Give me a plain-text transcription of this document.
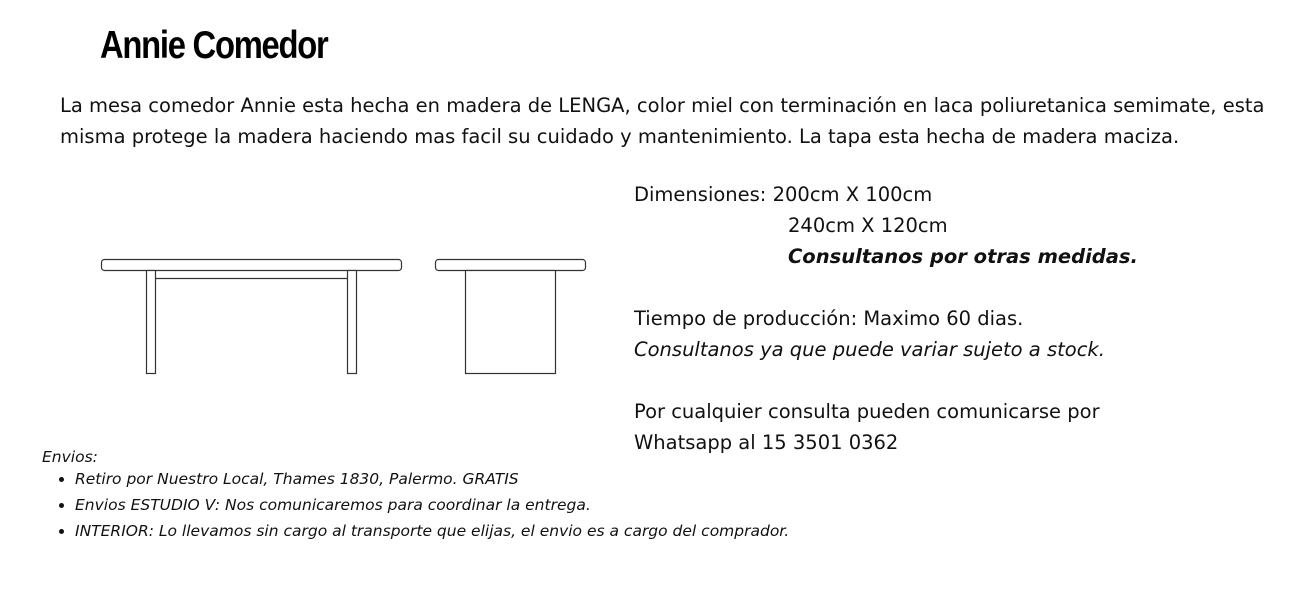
Annie Comedor

La mesa comedor Annie esta hecha en madera de LENGA, color miel con terminación en laca poliuretanica semimate, esta misma protege la madera haciendo mas facil su cuidado y mantenimiento. La tapa esta hecha de madera maciza.

Dimensiones: 200cm X 100cm
240cm X 120cm
Consultanos por otras medidas.
Tiempo de producción: Maximo 60 dias.
Consultanos ya que puede variar sujeto a stock.
Por cualquier consulta pueden comunicarse por
Whatsapp al 15 3501 0362
Envios:
• Retiro por Nuestro Local, Thames 1830, Palermo. GRATIS
• Envios ESTUDIO V: Nos comunicaremos para coordinar la entrega.
• INTERIOR: Lo llevamos sin cargo al transporte que elijas, el envio es a cargo del comprador.
